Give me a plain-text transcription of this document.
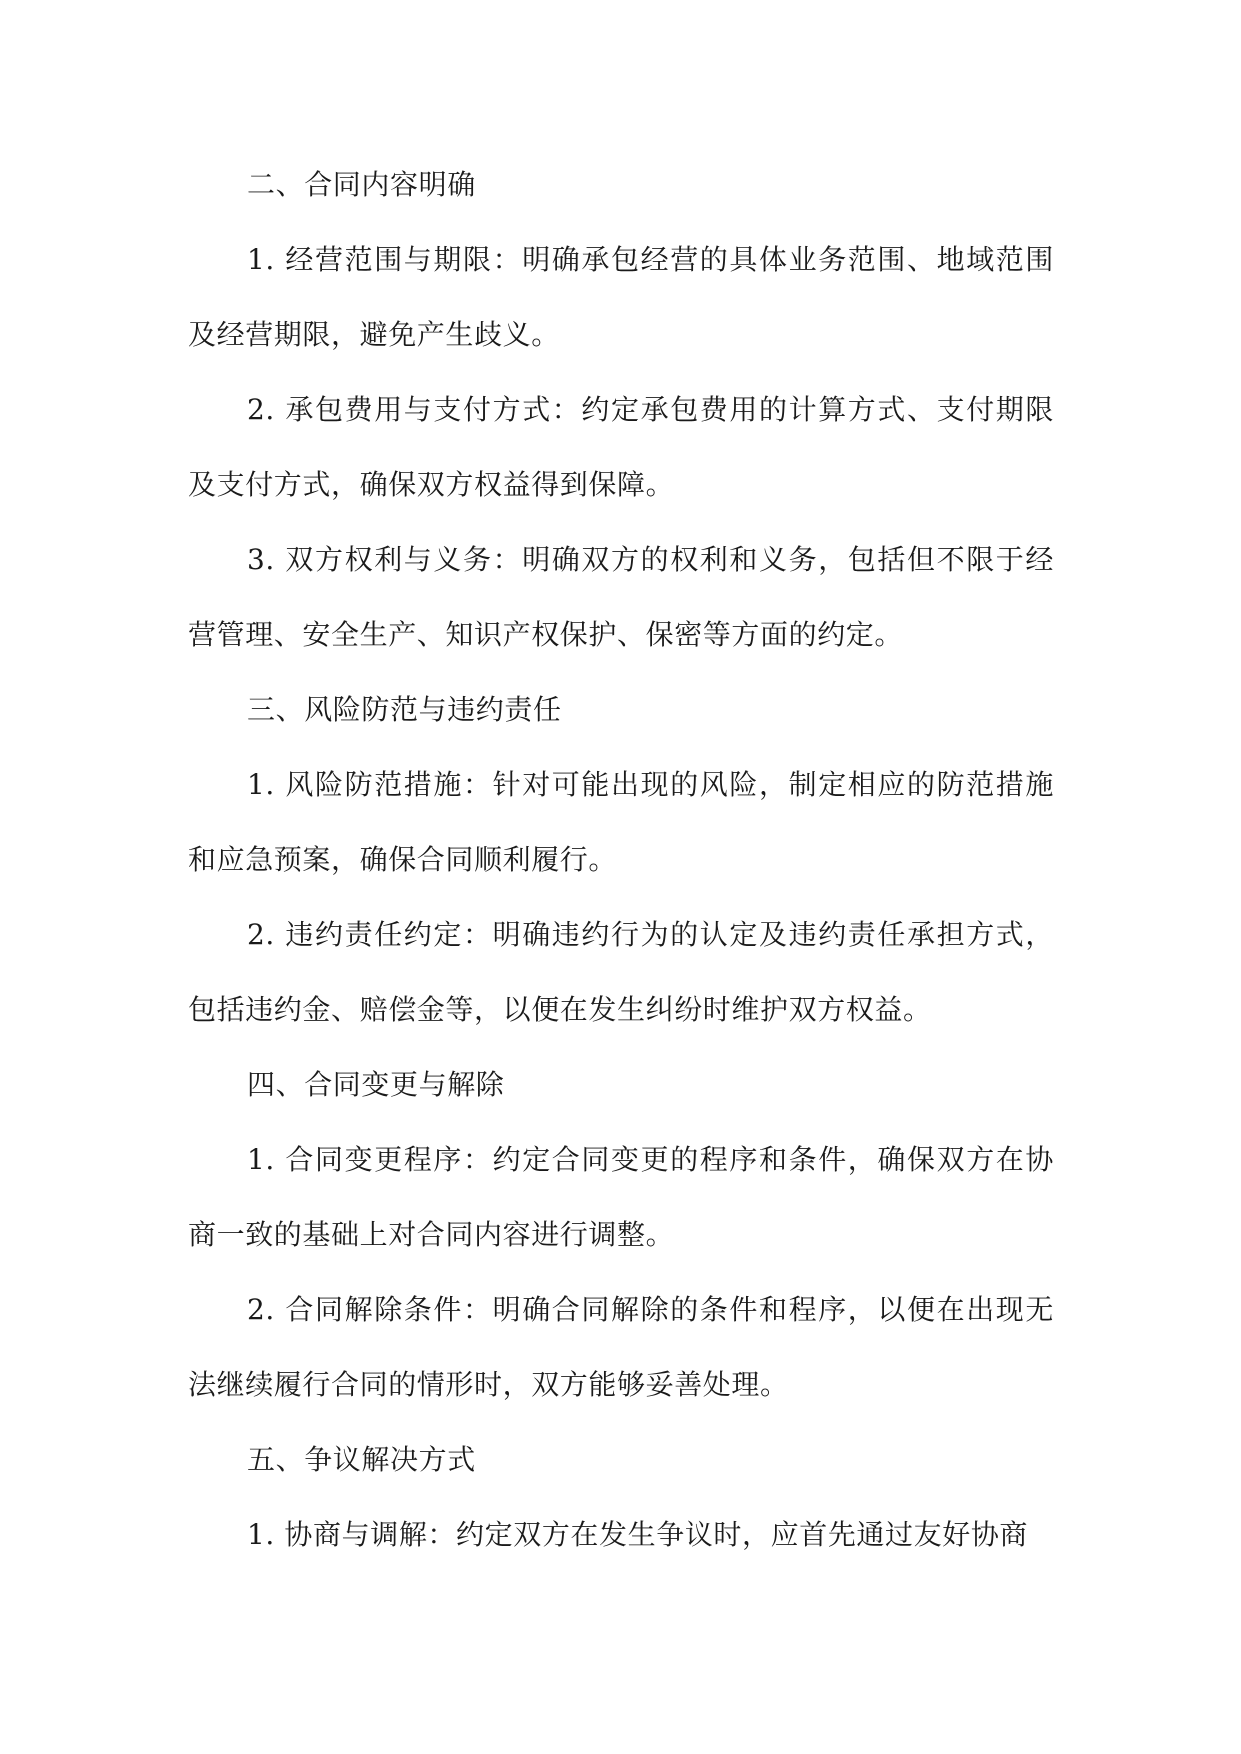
二、合同内容明确

1. 经营范围与期限：明确承包经营的具体业务范围、地域范围及经营期限，避免产生歧义。

2. 承包费用与支付方式：约定承包费用的计算方式、支付期限及支付方式，确保双方权益得到保障。

3. 双方权利与义务：明确双方的权利和义务，包括但不限于经营管理、安全生产、知识产权保护、保密等方面的约定。

三、风险防范与违约责任

1. 风险防范措施：针对可能出现的风险，制定相应的防范措施和应急预案，确保合同顺利履行。

2. 违约责任约定：明确违约行为的认定及违约责任承担方式，包括违约金、赔偿金等，以便在发生纠纷时维护双方权益。

四、合同变更与解除

1. 合同变更程序：约定合同变更的程序和条件，确保双方在协商一致的基础上对合同内容进行调整。

2. 合同解除条件：明确合同解除的条件和程序，以便在出现无法继续履行合同的情形时，双方能够妥善处理。

五、争议解决方式

1. 协商与调解：约定双方在发生争议时，应首先通过友好协商
